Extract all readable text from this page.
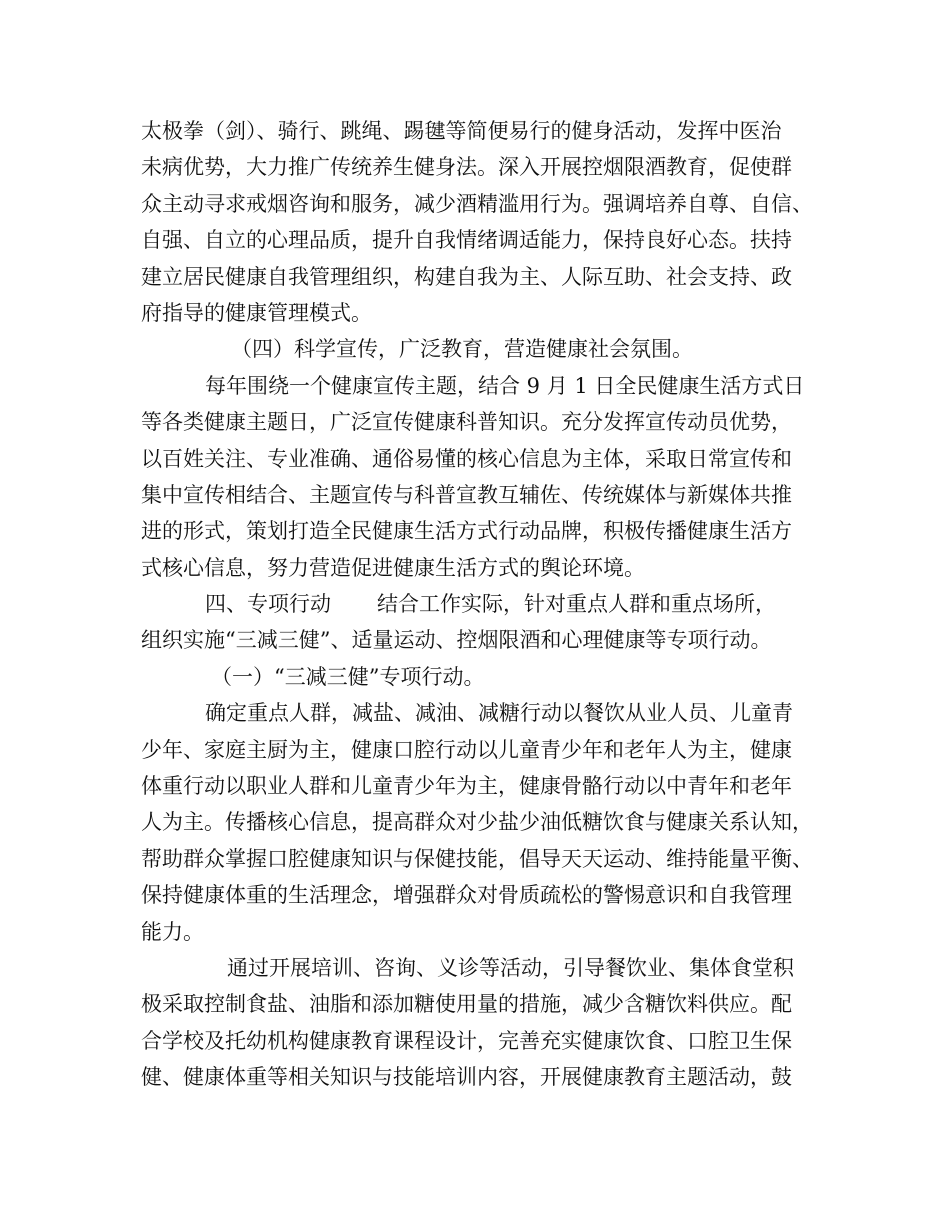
太极拳（剑）、骑行、跳绳、踢毽等简便易行的健身活动，发挥中医治
未病优势，大力推广传统养生健身法。深入开展控烟限酒教育，促使群
众主动寻求戒烟咨询和服务，减少酒精滥用行为。强调培养自尊、自信、
自强、自立的心理品质，提升自我情绪调适能力，保持良好心态。扶持
建立居民健康自我管理组织，构建自我为主、人际互助、社会支持、政
府指导的健康管理模式。
（四）科学宣传，广泛教育，营造健康社会氛围。
每年围绕一个健康宣传主题，结合 9 月 1 日全民健康生活方式日
等各类健康主题日，广泛宣传健康科普知识。充分发挥宣传动员优势，
以百姓关注、专业准确、通俗易懂的核心信息为主体，采取日常宣传和
集中宣传相结合、主题宣传与科普宣教互辅佐、传统媒体与新媒体共推
进的形式，策划打造全民健康生活方式行动品牌，积极传播健康生活方
式核心信息，努力营造促进健康生活方式的舆论环境。
四、专项行动 结合工作实际，针对重点人群和重点场所，
组织实施“三减三健”、适量运动、控烟限酒和心理健康等专项行动。
（一）“三减三健”专项行动。
确定重点人群，减盐、减油、减糖行动以餐饮从业人员、儿童青
少年、家庭主厨为主，健康口腔行动以儿童青少年和老年人为主，健康
体重行动以职业人群和儿童青少年为主，健康骨骼行动以中青年和老年
人为主。传播核心信息，提高群众对少盐少油低糖饮食与健康关系认知，
帮助群众掌握口腔健康知识与保健技能，倡导天天运动、维持能量平衡、
保持健康体重的生活理念，增强群众对骨质疏松的警惕意识和自我管理
能力。
通过开展培训、咨询、义诊等活动，引导餐饮业、集体食堂积
极采取控制食盐、油脂和添加糖使用量的措施，减少含糖饮料供应。配
合学校及托幼机构健康教育课程设计，完善充实健康饮食、口腔卫生保
健、健康体重等相关知识与技能培训内容，开展健康教育主题活动，鼓
